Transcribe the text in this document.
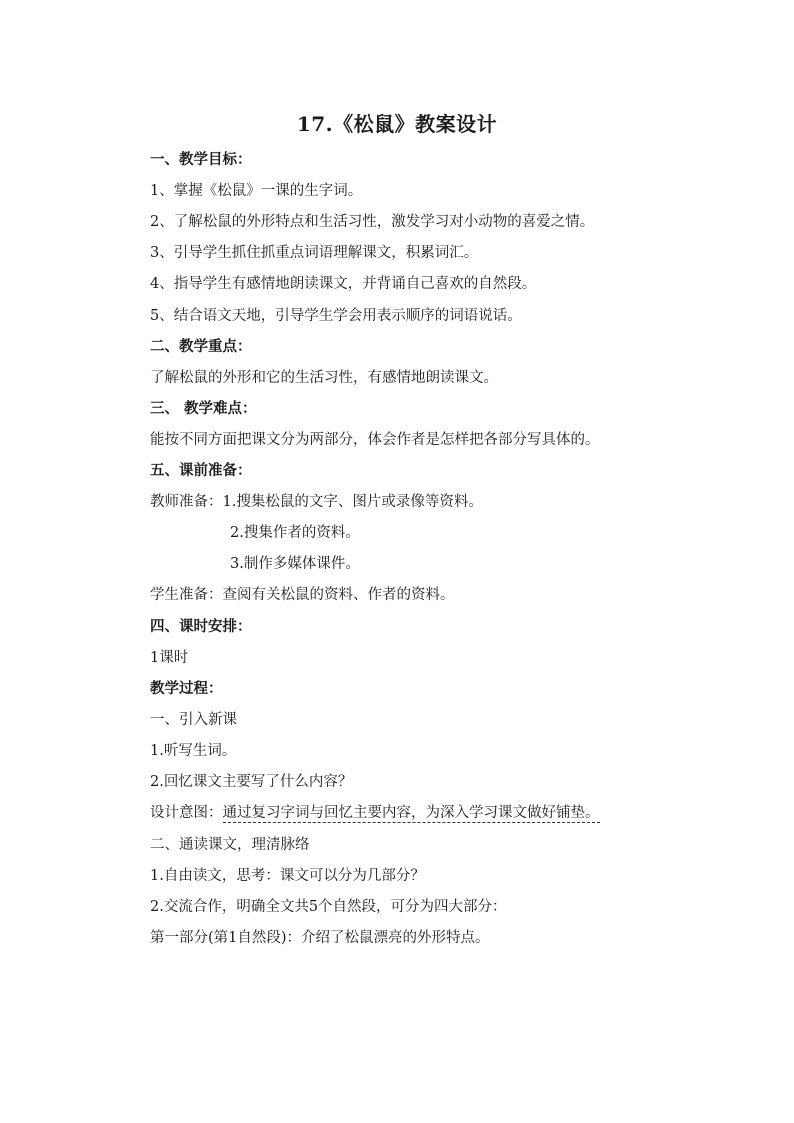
17.《松鼠》教案设计
一、教学目标：
1、掌握《松鼠》一课的生字词。
2、了解松鼠的外形特点和生活习性，激发学习对小动物的喜爱之情。
3、引导学生抓住抓重点词语理解课文，积累词汇。
4、指导学生有感情地朗读课文，并背诵自己喜欢的自然段。
5、结合语文天地，引导学生学会用表示顺序的词语说话。
二、教学重点：
了解松鼠的外形和它的生活习性，有感情地朗读课文。
三、 教学难点：
能按不同方面把课文分为两部分，体会作者是怎样把各部分写具体的。
五、课前准备：
教师准备：1.搜集松鼠的文字、图片或录像等资料。
2.搜集作者的资料。
3.制作多媒体课件。
学生准备：查阅有关松鼠的资料、作者的资料。
四、课时安排：
1课时
教学过程：
一、引入新课
1.听写生词。
2.回忆课文主要写了什么内容？
设计意图：通过复习字词与回忆主要内容，为深入学习课文做好铺垫。
二、通读课文，理清脉络
1.自由读文，思考：课文可以分为几部分？
2.交流合作，明确全文共5个自然段，可分为四大部分：
第一部分(第1自然段)：介绍了松鼠漂亮的外形特点。
